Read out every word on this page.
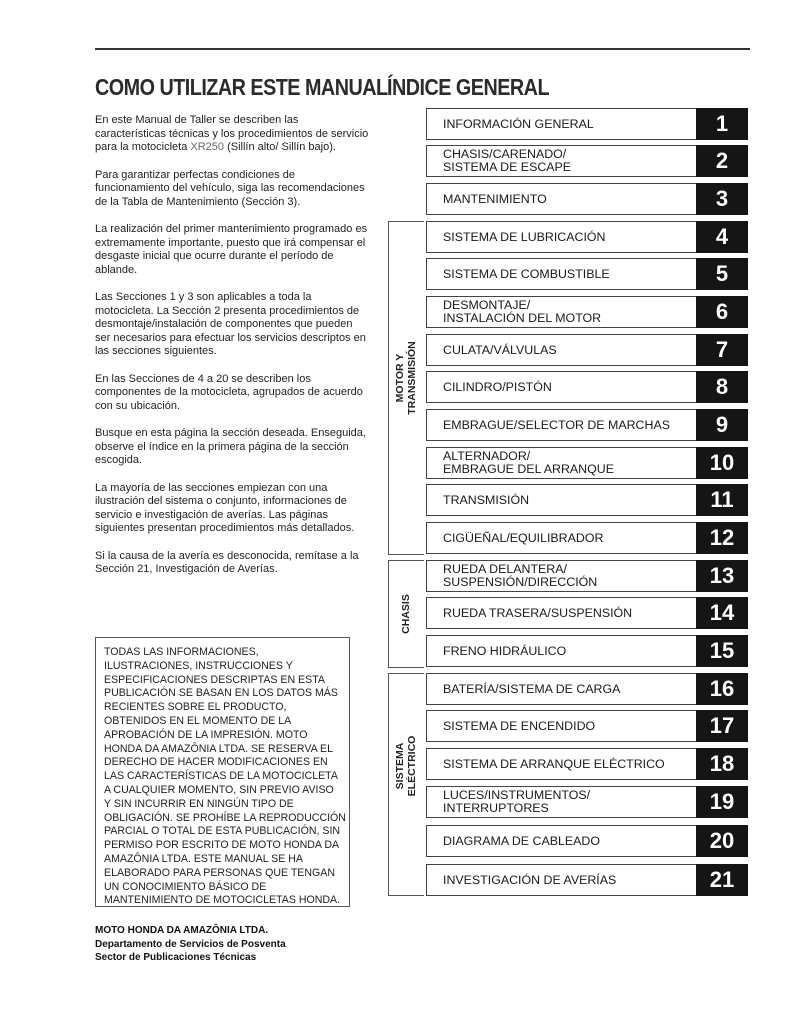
COMO UTILIZAR ESTE MANUAL ÍNDICE GENERAL

En este Manual de Taller se describen las características técnicas y los procedimientos de servicio para la motocicleta XR250 (Sillín alto/ Sillín bajo).

Para garantizar perfectas condiciones de funcionamiento del vehículo, siga las recomendaciones de la Tabla de Mantenimiento (Sección 3).

La realización del primer mantenimiento programado es extremamente importante, puesto que irá compensar el desgaste inicial que ocurre durante el período de ablande.

Las Secciones 1 y 3 son aplicables a toda la motocicleta. La Sección 2 presenta procedimientos de desmontaje/instalación de componentes que pueden ser necesarios para efectuar los servicios descriptos en las secciones siguientes.

En las Secciones de 4 a 20 se describen los componentes de la motocicleta, agrupados de acuerdo con su ubicación.

Busque en esta página la sección deseada. Enseguida, observe el índice en la primera página de la sección escogida.

La mayoría de las secciones empiezan con una ilustración del sistema o conjunto, informaciones de servicio e investigación de averías. Las páginas siguientes presentan procedimientos más detallados.

Si la causa de la avería es desconocida, remítase a la Sección 21, Investigación de Averías.

TODAS LAS INFORMACIONES,
ILUSTRACIONES, INSTRUCCIONES Y
ESPECIFICACIONES DESCRIPTAS EN ESTA
PUBLICACIÓN SE BASAN EN LOS DATOS MÁS
RECIENTES SOBRE EL PRODUCTO,
OBTENIDOS EN EL MOMENTO DE LA
APROBACIÓN DE LA IMPRESIÓN. MOTO
HONDA DA AMAZÔNIA LTDA. SE RESERVA EL
DERECHO DE HACER MODIFICACIONES EN
LAS CARACTERÍSTICAS DE LA MOTOCICLETA
A CUALQUIER MOMENTO, SIN PREVIO AVISO
Y SIN INCURRIR EN NINGÚN TIPO DE
OBLIGACIÓN. SE PROHÍBE LA REPRODUCCIÓN
PARCIAL O TOTAL DE ESTA PUBLICACIÓN, SIN
PERMISO POR ESCRITO DE MOTO HONDA DA
AMAZÔNIA LTDA. ESTE MANUAL SE HA
ELABORADO PARA PERSONAS QUE TENGAN
UN CONOCIMIENTO BÁSICO DE
MANTENIMIENTO DE MOTOCICLETAS HONDA.
MOTO HONDA DA AMAZÔNIA LTDA.
Departamento de Servicios de Posventa
Sector de Publicaciones Técnicas
MOTOR Y TRANSMISIÓN
CHASIS
SISTEMA
ELÉCTRICO
INFORMACIÓN GENERAL	1
CHASIS/CARENADO/
SISTEMA DE ESCAPE	2
MANTENIMIENTO	3
SISTEMA DE LUBRICACIÓN	4
SISTEMA DE COMBUSTIBLE	5
DESMONTAJE/
INSTALACIÓN DEL MOTOR	6
CULATA/VÁLVULAS	7
CILINDRO/PISTÓN	8
EMBRAGUE/SELECTOR DE MARCHAS	9
ALTERNADOR/
EMBRAGUE DEL ARRANQUE	10
TRANSMISIÓN	11
CIGÜEÑAL/EQUILIBRADOR	12
RUEDA DELANTERA/
SUSPENSIÓN/DIRECCIÓN	13
RUEDA TRASERA/SUSPENSIÓN	14
FRENO HIDRÁULICO	15
BATERÍA/SISTEMA DE CARGA	16
SISTEMA DE ENCENDIDO	17
SISTEMA DE ARRANQUE ELÉCTRICO	18
LUCES/INSTRUMENTOS/
INTERRUPTORES	19
DIAGRAMA DE CABLEADO	20
INVESTIGACIÓN DE AVERÍAS	21
